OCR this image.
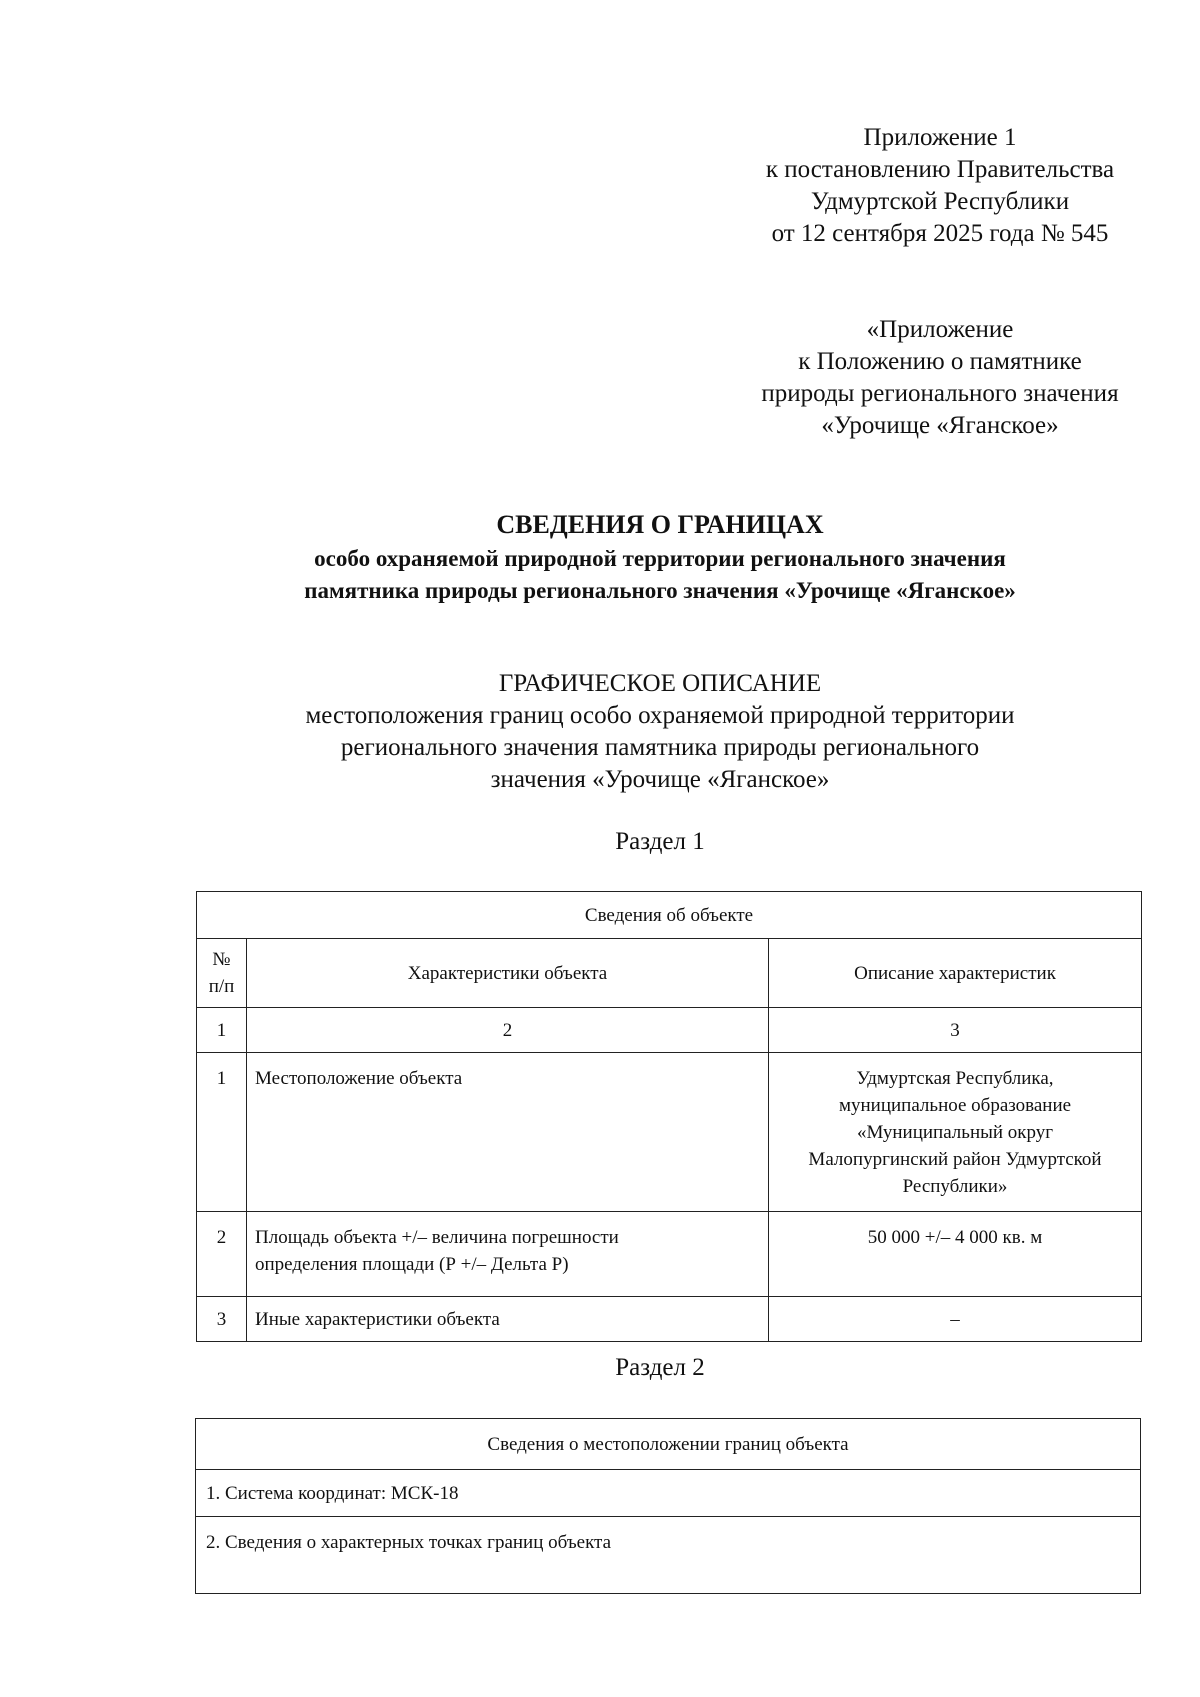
Приложение 1
к постановлению Правительства
Удмуртской Республики
от 12 сентября 2025 года № 545
«Приложение
к Положению о памятнике
природы регионального значения
«Урочище «Яганское»
СВЕДЕНИЯ О ГРАНИЦАХ
особо охраняемой природной территории регионального значения
памятника природы регионального значения «Урочище «Яганское»
ГРАФИЧЕСКОЕ ОПИСАНИЕ
местоположения границ особо охраняемой природной территории
регионального значения памятника природы регионального
значения «Урочище «Яганское»
Раздел 1
Сведения об объекте		

№
п/п	Характеристики объекта	Описание характеристик
1	2	3
1	Местоположение объекта	Удмуртская Республика,
муниципальное образование
«Муниципальный округ
Малопургинский район Удмуртской
Республики»

2	Площадь объекта +/– величина погрешности
определения площади (Р +/– Дельта Р)	50 000 +/– 4 000 кв. м
3	Иные характеристики объекта	–
Раздел 2
Сведения о местоположении границ объекта
1. Система координат: МСК-18
2. Сведения о характерных точках границ объекта
